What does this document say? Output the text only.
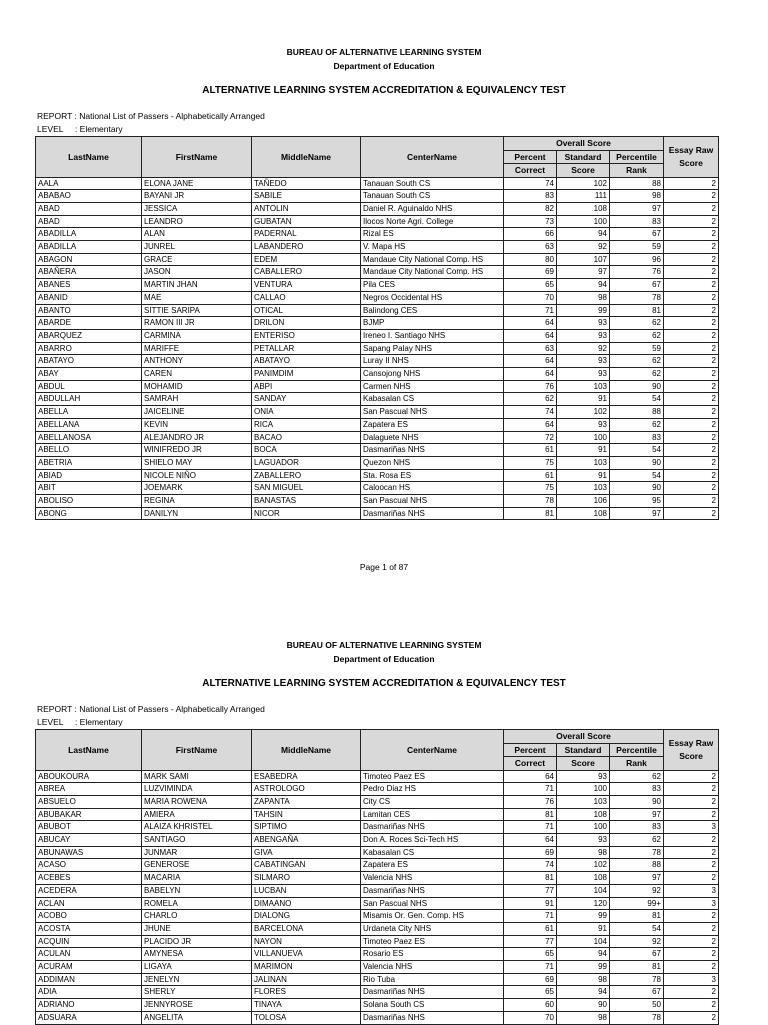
BUREAU OF ALTERNATIVE LEARNING SYSTEM
Department of Education
ALTERNATIVE LEARNING SYSTEM ACCREDITATION & EQUIVALENCY TEST
REPORT : National List of Passers - Alphabetically Arranged
LEVEL     : Elementary
LastName	FirstName	MiddleName	CenterName	Overall Score			Essay Raw
Score
				Percent	Standard	Percentile	
				Correct	Score	Rank	
AALA	ELONA JANE	TAÑEDO	Tanauan South CS	74	102	88	2
ABABAO	BAYANI JR	SABILE	Tanauan South CS	83	111	98	2
ABAD	JESSICA	ANTOLIN	Daniel R. Aguinaldo NHS	82	108	97	2
ABAD	LEANDRO	GUBATAN	Ilocos Norte Agri. College	73	100	83	2
ABADILLA	ALAN	PADERNAL	Rizal ES	66	94	67	2
ABADILLA	JUNREL	LABANDERO	V. Mapa HS	63	92	59	2
ABAGON	GRACE	EDEM	Mandaue City National Comp. HS	80	107	96	2
ABAÑERA	JASON	CABALLERO	Mandaue City National Comp. HS	69	97	76	2
ABANES	MARTIN JHAN	VENTURA	Pila CES	65	94	67	2
ABANID	MAE	CALLAO	Negros Occidental HS	70	98	78	2
ABANTO	SITTIE SARIPA	OTICAL	Balindong CES	71	99	81	2
ABARDE	RAMON III JR	DRILON	BJMP	64	93	62	2
ABARQUEZ	CARMINA	ENTERISO	Ireneo I. Santiago NHS	64	93	62	2
ABARRO	MARIFFE	PETALLAR	Sapang Palay NHS	63	92	59	2
ABATAYO	ANTHONY	ABATAYO	Luray II NHS	64	93	62	2
ABAY	CAREN	PANIMDIM	Cansojong NHS	64	93	62	2
ABDUL	MOHAMID	ABPI	Carmen NHS	76	103	90	2
ABDULLAH	SAMRAH	SANDAY	Kabasalan CS	62	91	54	2
ABELLA	JAICELINE	ONIA	San Pascual NHS	74	102	88	2
ABELLANA	KEVIN	RICA	Zapatera ES	64	93	62	2
ABELLANOSA	ALEJANDRO JR	BACAO	Dalaguete NHS	72	100	83	2
ABELLO	WINIFREDO JR	BOCA	Dasmariñas NHS	61	91	54	2
ABETRIA	SHIELO MAY	LAGUADOR	Quezon NHS	75	103	90	2
ABIAD	NICOLE NIÑO	ZABALLERO	Sta. Rosa ES	61	91	54	2
ABIT	JOEMARK	SAN MIGUEL	Caloocan HS	75	103	90	2
ABOLISO	REGINA	BANASTAS	San Pascual NHS	78	106	95	2
ABONG	DANILYN	NICOR	Dasmariñas NHS	81	108	97	2
Page 1 of 87
BUREAU OF ALTERNATIVE LEARNING SYSTEM
Department of Education
ALTERNATIVE LEARNING SYSTEM ACCREDITATION & EQUIVALENCY TEST
REPORT : National List of Passers - Alphabetically Arranged
LEVEL     : Elementary
LastName	FirstName	MiddleName	CenterName	Overall Score			Essay Raw
Score
				Percent	Standard	Percentile	
				Correct	Score	Rank	
ABOUKOURA	MARK SAMI	ESABEDRA	Timoteo Paez ES	64	93	62	2
ABREA	LUZVIMINDA	ASTROLOGO	Pedro Diaz HS	71	100	83	2
ABSUELO	MARIA ROWENA	ZAPANTA	City CS	76	103	90	2
ABUBAKAR	AMIERA	TAHSIN	Lamitan CES	81	108	97	2
ABUBOT	ALAIZA KHRISTEL	SIPTIMO	Dasmariñas NHS	71	100	83	3
ABUCAY	SANTIAGO	ABENGAÑA	Don A. Roces Sci-Tech HS	64	93	62	2
ABUNAWAS	JUNMAR	GIVA	Kabasalan CS	69	98	78	2
ACASO	GENEROSE	CABATINGAN	Zapatera ES	74	102	88	2
ACEBES	MACARIA	SILMARO	Valencia NHS	81	108	97	2
ACEDERA	BABELYN	LUCBAN	Dasmariñas NHS	77	104	92	3
ACLAN	ROMELA	DIMAANO	San Pascual NHS	91	120	99+	3
ACOBO	CHARLO	DIALONG	Misamis Or. Gen. Comp. HS	71	99	81	2
ACOSTA	JHUNE	BARCELONA	Urdaneta City NHS	61	91	54	2
ACQUIN	PLACIDO JR	NAYON	Timoteo Paez ES	77	104	92	2
ACULAN	AMYNESA	VILLANUEVA	Rosario ES	65	94	67	2
ACURAM	LIGAYA	MARIMON	Valencia NHS	71	99	81	2
ADDIMAN	JENELYN	JALINAN	Rio Tuba	69	98	78	3
ADIA	SHERLY	FLORES	Dasmariñas NHS	65	94	67	2
ADRIANO	JENNYROSE	TINAYA	Solana South CS	60	90	50	2
ADSUARA	ANGELITA	TOLOSA	Dasmariñas NHS	70	98	78	2
